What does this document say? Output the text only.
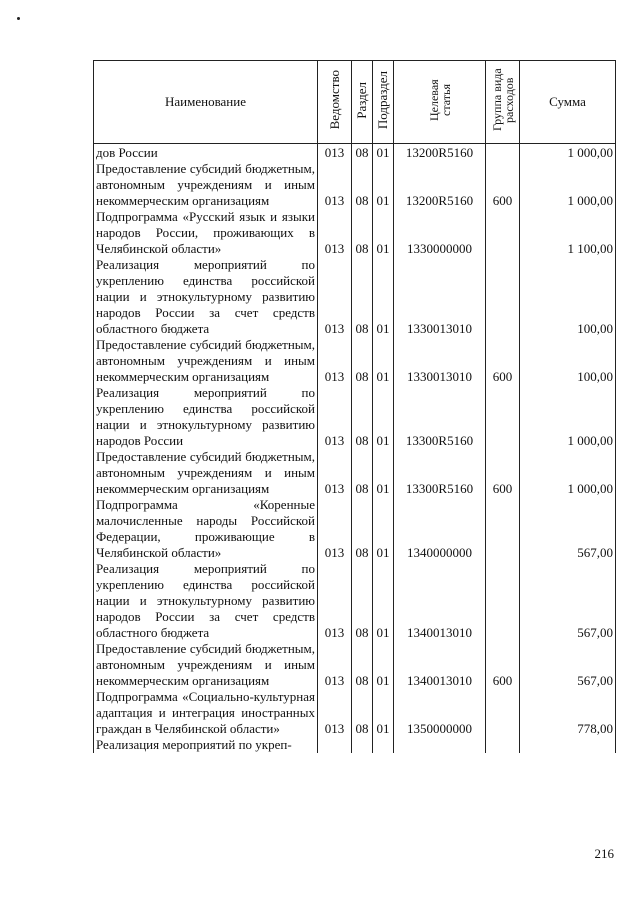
Наименование	Ведомство	Раздел	Подраздел	Целевая статья	Группа вида расходов	Сумма
дов России	013	08	01	13200R5160		1 000,00
Предоставление субсидий бюджетным, автономным учреждениям и иным некоммерческим организациям	013	08	01	13200R5160	600	1 000,00
Подпрограмма «Русский язык и языки народов России, проживающих в Челябинской области»	013	08	01	1330000000		1 100,00
Реализация мероприятий по укреплению единства российской нации и этнокультурному развитию народов России за счет средств областного бюджета	013	08	01	1330013010		100,00
Предоставление субсидий бюджетным, автономным учреждениям и иным некоммерческим организациям	013	08	01	1330013010	600	100,00
Реализация мероприятий по укреплению единства российской нации и этнокультурному развитию народов России	013	08	01	13300R5160		1 000,00
Предоставление субсидий бюджетным, автономным учреждениям и иным некоммерческим организациям	013	08	01	13300R5160	600	1 000,00
Подпрограмма «Коренные малочисленные народы Российской Федерации, проживающие в Челябинской области»	013	08	01	1340000000		567,00
Реализация мероприятий по укреплению единства российской нации и этнокультурному развитию народов России за счет средств областного бюджета	013	08	01	1340013010		567,00
Предоставление субсидий бюджетным, автономным учреждениям и иным некоммерческим организациям	013	08	01	1340013010	600	567,00
Подпрограмма «Социально-культурная адаптация и интеграция иностранных граждан в Челябинской области»	013	08	01	1350000000		778,00
Реализация мероприятий по укреп-						
216
